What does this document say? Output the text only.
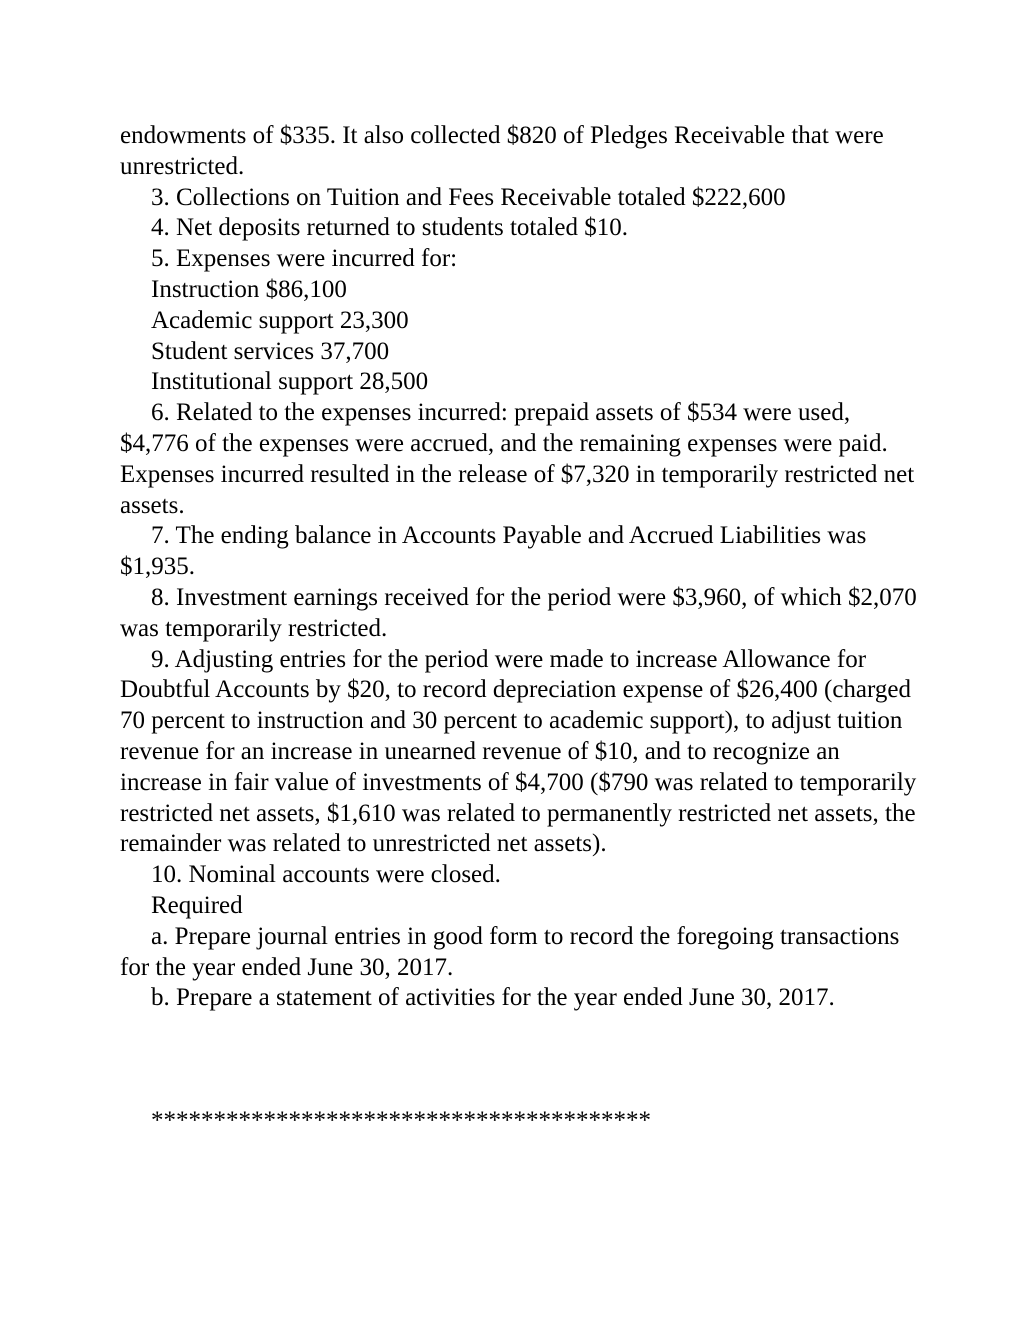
endowments of $335. It also collected $820 of Pledges Receivable that were unrestricted.

3. Collections on Tuition and Fees Receivable totaled $222,600

4. Net deposits returned to students totaled $10.

5. Expenses were incurred for:

Instruction $86,100

Academic support 23,300

Student services 37,700

Institutional support 28,500

6. Related to the expenses incurred: prepaid assets of $534 were used, $4,776 of the expenses were accrued, and the remaining expenses were paid. Expenses incurred resulted in the release of $7,320 in temporarily restricted net assets.

7. The ending balance in Accounts Payable and Accrued Liabilities was $1,935.

8. Investment earnings received for the period were $3,960, of which $2,070 was temporarily restricted.

9. Adjusting entries for the period were made to increase Allowance for Doubtful Accounts by $20, to record depreciation expense of $26,400 (charged 70 percent to instruction and 30 percent to academic support), to adjust tuition revenue for an increase in unearned revenue of $10, and to recognize an increase in fair value of investments of $4,700 ($790 was related to temporarily restricted net assets, $1,610 was related to permanently restricted net assets, the remainder was related to unrestricted net assets).

10. Nominal accounts were closed.

Required

a. Prepare journal entries in good form to record the foregoing transactions for the year ended June 30, 2017.

b. Prepare a statement of activities for the year ended June 30, 2017.

****************************************
